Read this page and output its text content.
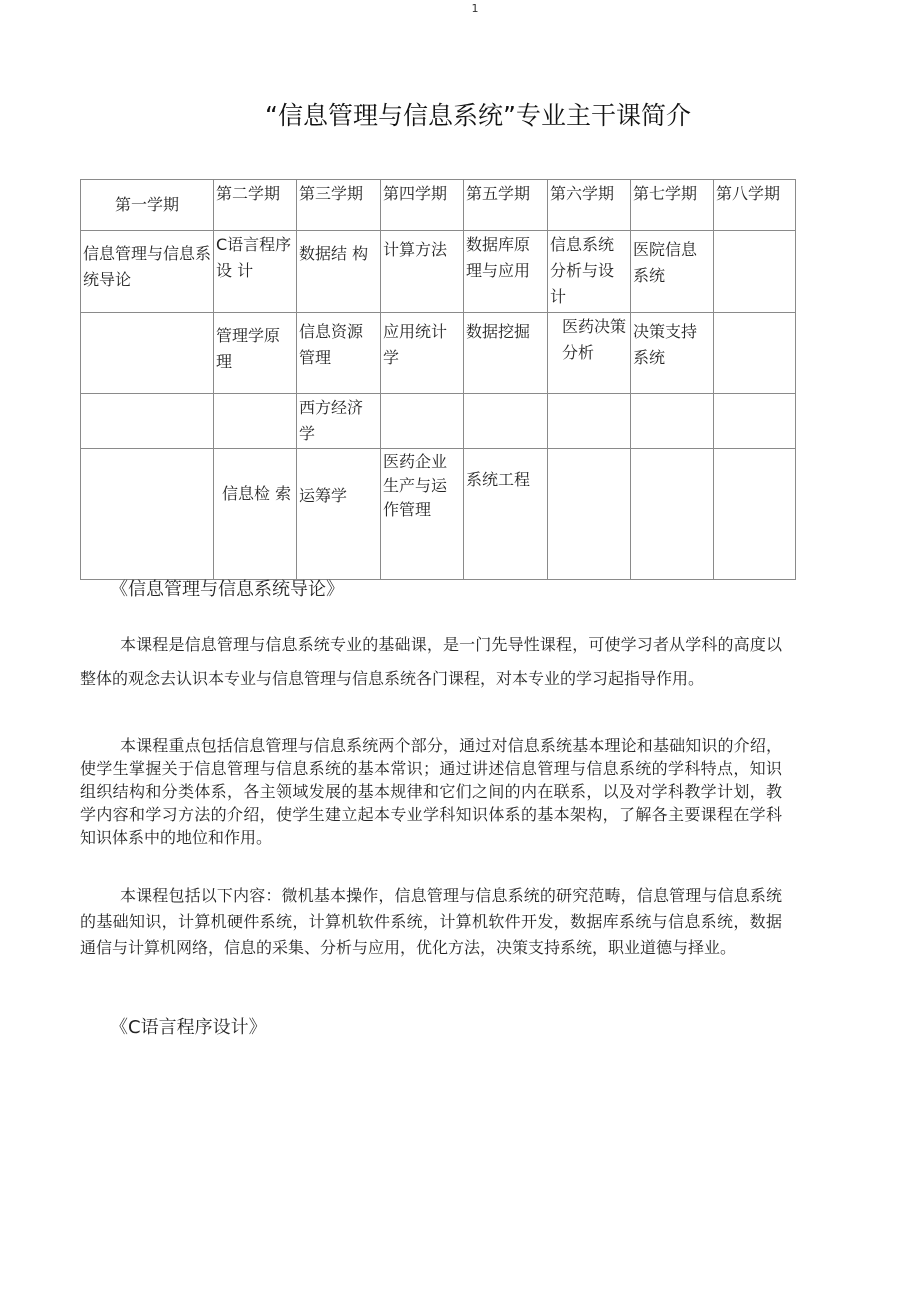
1
“信息管理与信息系统”专业主干课简介
第一学期	第二学期	第三学期	第四学期	第五学期	第六学期	第七学期	第八学期

信息管理与信息系统导论	C语言程序设 计	数据结 构	计算方法	数据库原理与应用	信息系统分析与设计	医院信息系统	

	管理学原理	信息资源管理	应用统计学	数据挖掘	医药决策分析	决策支持系统	

		西方经济学					

	信息检 索	运筹学	医药企业生产与运作管理	系统工程			

《信息管理与信息系统导论》
本课程是信息管理与信息系统专业的基础课，是一门先导性课程，可使学习者从学科的高度以整体的观念去认识本专业与信息管理与信息系统各门课程，对本专业的学习起指导作用。
本课程重点包括信息管理与信息系统两个部分，通过对信息系统基本理论和基础知识的介绍，使学生掌握关于信息管理与信息系统的基本常识；通过讲述信息管理与信息系统的学科特点，知识组织结构和分类体系，各主领域发展的基本规律和它们之间的内在联系，以及对学科教学计划，教学内容和学习方法的介绍，使学生建立起本专业学科知识体系的基本架构，了解各主要课程在学科知识体系中的地位和作用。
本课程包括以下内容：微机基本操作，信息管理与信息系统的研究范畴，信息管理与信息系统的基础知识，计算机硬件系统，计算机软件系统，计算机软件开发，数据库系统与信息系统，数据通信与计算机网络，信息的采集、分析与应用，优化方法，决策支持系统，职业道德与择业。
《C语言程序设计》
